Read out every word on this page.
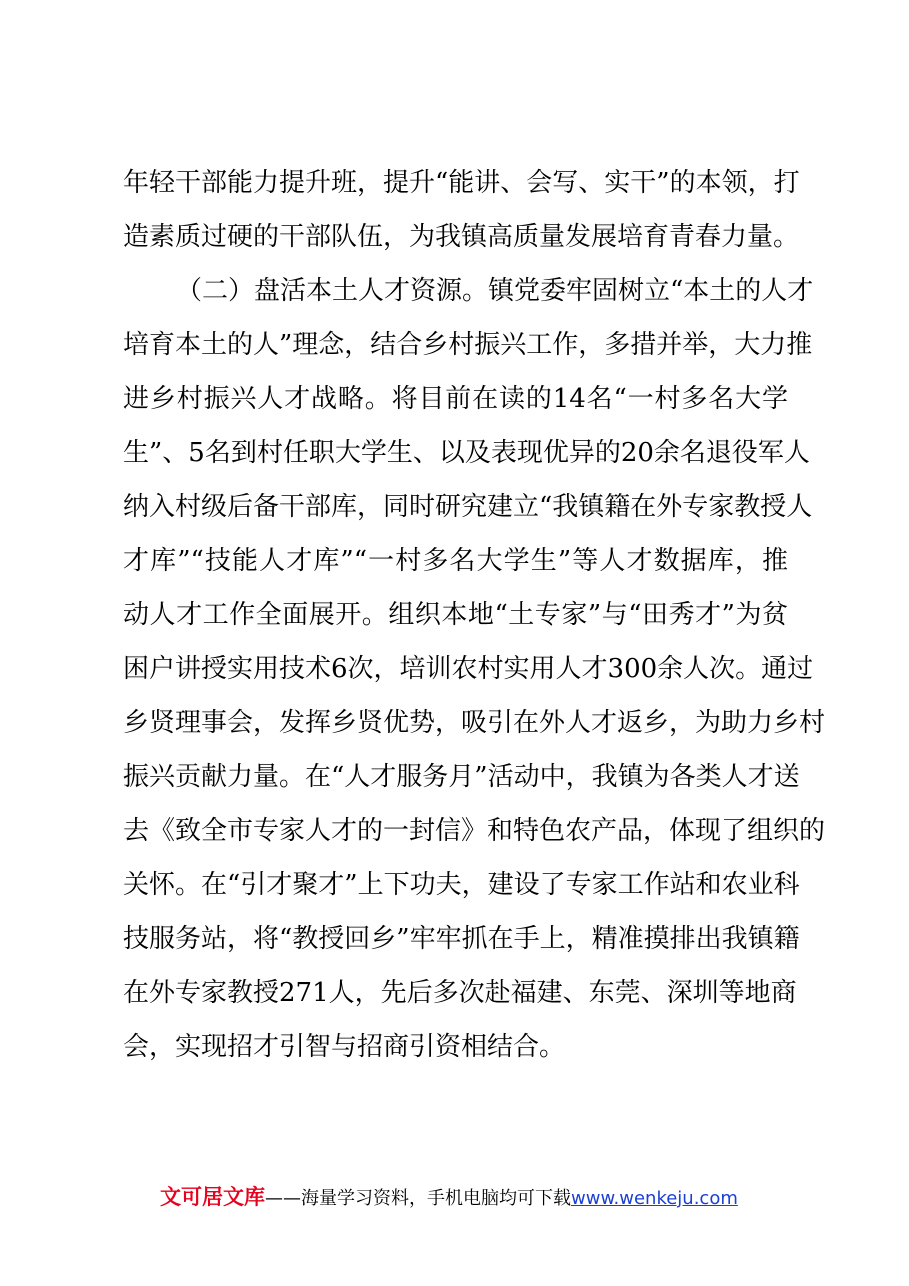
年轻干部能力提升班，提升“能讲、会写、实干”的本领，打
造素质过硬的干部队伍，为我镇高质量发展培育青春力量。
（二）盘活本土人才资源。镇党委牢固树立“本土的人才
培育本土的人”理念，结合乡村振兴工作，多措并举，大力推
进乡村振兴人才战略。将目前在读的14名“一村多名大学
生”、5名到村任职大学生、以及表现优异的20余名退役军人
纳入村级后备干部库，同时研究建立“我镇籍在外专家教授人
才库”“技能人才库”“一村多名大学生”等人才数据库，推
动人才工作全面展开。组织本地“土专家”与“田秀才”为贫
困户讲授实用技术6次，培训农村实用人才300余人次。通过
乡贤理事会，发挥乡贤优势，吸引在外人才返乡，为助力乡村
振兴贡献力量。在“人才服务月”活动中，我镇为各类人才送
去《致全市专家人才的一封信》和特色农产品，体现了组织的
关怀。在“引才聚才”上下功夫，建设了专家工作站和农业科
技服务站，将“教授回乡”牢牢抓在手上，精准摸排出我镇籍
在外专家教授271人，先后多次赴福建、东莞、深圳等地商
会，实现招才引智与招商引资相结合。
文可居文库——海量学习资料，手机电脑均可下载www.wenkeju.com
